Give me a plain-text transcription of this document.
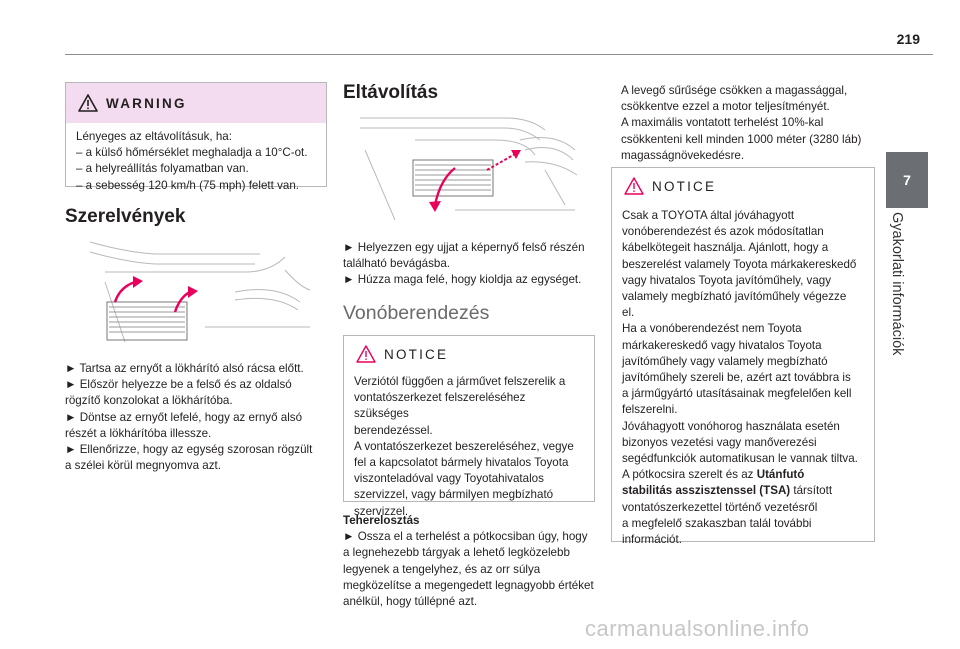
219
7
Gyakorlati információk
WARNING

Lényeges az eltávolításuk, ha:

– a külső hőmérséklet meghaladja a 10°C-ot.

– a helyreállítás folyamatban van.

– a sebesség 120 km/h (75 mph) felett van.

Szerelvények

► Tartsa az ernyőt a lökhárító alsó rácsa előtt.

► Először helyezze be a felső és az oldalsó

rögzítő konzolokat a lökhárítóba.

► Döntse az ernyőt lefelé, hogy az ernyő alsó

részét a lökhárítóba illessze.

► Ellenőrizze, hogy az egység szorosan rögzült

a szélei körül megnyomva azt.

Eltávolítás

► Helyezzen egy ujjat a képernyő felső részén

található bevágásba.

► Húzza maga felé, hogy kioldja az egységet.

Vonóberendezés
NOTICE

Verziótól függően a járművet felszerelik a

vontatószerkezet felszereléséhez szükséges

berendezéssel.

A vontatószerkezet beszereléséhez, vegye

fel a kapcsolatot bármely hivatalos Toyota

viszonteladóval vagy Toyotahivatalos

szervizzel, vagy bármilyen megbízható

szervizzel.

Teherelosztás

► Ossza el a terhelést a pótkocsiban úgy, hogy

a legnehezebb tárgyak a lehető legközelebb

legyenek a tengelyhez, és az orr súlya

megközelítse a megengedett legnagyobb értéket

anélkül, hogy túllépné azt.

A levegő sűrűsége csökken a magassággal,

csökkentve ezzel a motor teljesítményét.

A maximális vontatott terhelést 10%-kal

csökkenteni kell minden 1000 méter (3280 láb)

magasságnövekedésre.

NOTICE

Csak a TOYOTA által jóváhagyott

vonóberendezést és azok módosítatlan

kábelkötegeit használja. Ajánlott, hogy a

beszerelést valamely Toyota márkakereskedő

vagy hivatalos Toyota javítóműhely, vagy

valamely megbízható javítóműhely végezze

el.

Ha a vonóberendezést nem Toyota

márkakereskedő vagy hivatalos Toyota

javítóműhely vagy valamely megbízható

javítóműhely szereli be, azért azt továbbra is

a járműgyártó utasításainak megfelelően kell

felszerelni.

Jóváhagyott vonóhorog használata esetén

bizonyos vezetési vagy manőverezési

segédfunkciók automatikusan le vannak tiltva.

A pótkocsira szerelt és az Utánfutó

stabilitás asszisztenssel (TSA) társított

vontatószerkezettel történő vezetésről

a megfelelő szakaszban talál további

információt.

carmanualsonline.info
